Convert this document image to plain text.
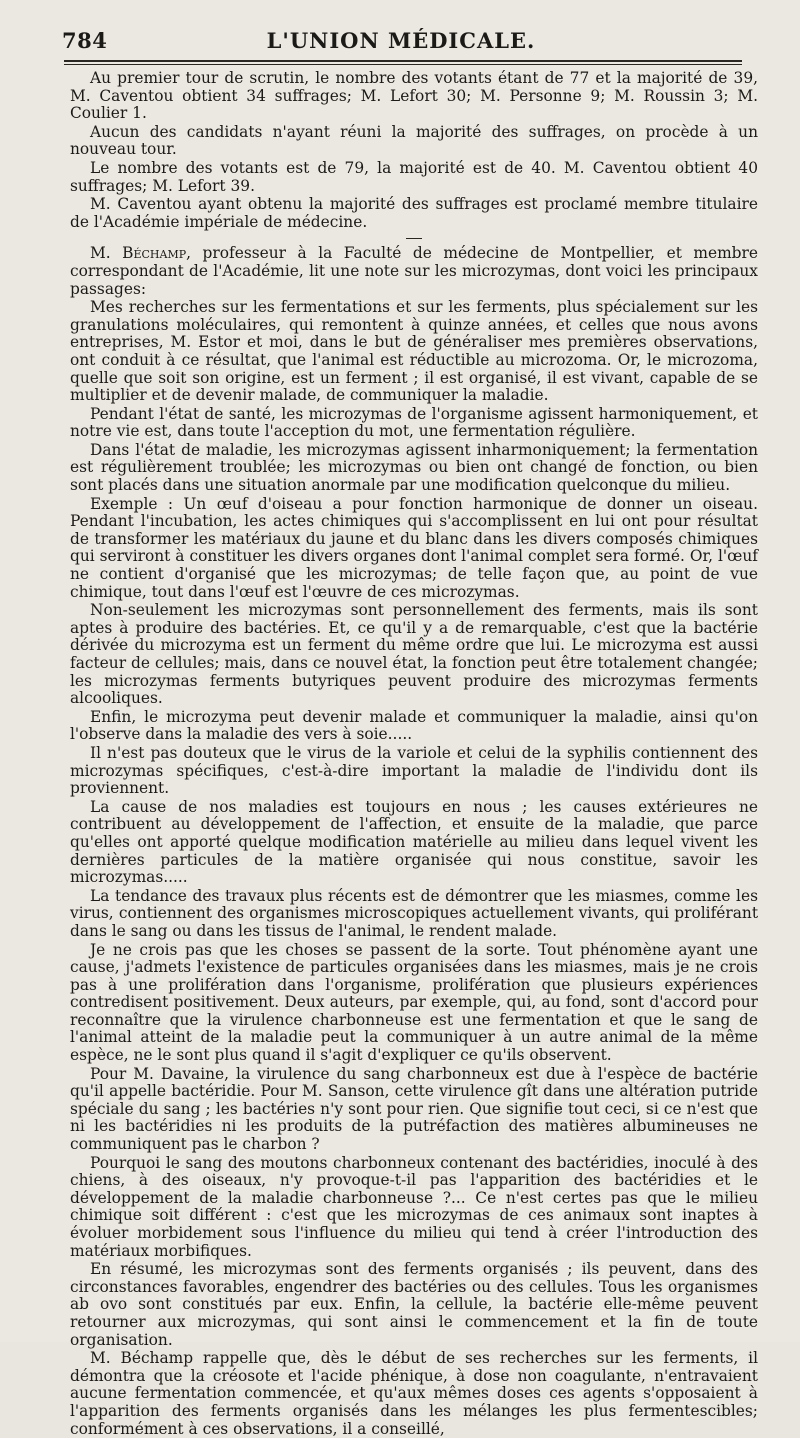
784	L'UNION MÉDICALE.

Au premier tour de scrutin, le nombre des votants étant de 77 et la majorité de 39, M. Caventou obtient 34 suffrages; M. Lefort 30; M. Personne 9; M. Roussin 3; M. Coulier 1.

Aucun des candidats n'ayant réuni la majorité des suffrages, on procède à un nouveau tour.

Le nombre des votants est de 79, la majorité est de 40. M. Caventou obtient 40 suffrages; M. Lefort 39.

M. Caventou ayant obtenu la majorité des suffrages est proclamé membre titulaire de l'Académie impériale de médecine.

M. Béchamp, professeur à la Faculté de médecine de Montpellier, et membre correspondant de l'Académie, lit une note sur les microzymas, dont voici les principaux passages:

Mes recherches sur les fermentations et sur les ferments, plus spécialement sur les granulations moléculaires, qui remontent à quinze années, et celles que nous avons entreprises, M. Estor et moi, dans le but de généraliser mes premières observations, ont conduit à ce résultat, que l'animal est réductible au microzoma. Or, le microzoma, quelle que soit son origine, est un ferment ; il est organisé, il est vivant, capable de se multiplier et de devenir malade, de communiquer la maladie.

Pendant l'état de santé, les microzymas de l'organisme agissent harmoniquement, et notre vie est, dans toute l'acception du mot, une fermentation régulière.

Dans l'état de maladie, les microzymas agissent inharmoniquement; la fermentation est régulièrement troublée; les microzymas ou bien ont changé de fonction, ou bien sont placés dans une situation anormale par une modification quelconque du milieu.

Exemple : Un œuf d'oiseau a pour fonction harmonique de donner un oiseau. Pendant l'incubation, les actes chimiques qui s'accomplissent en lui ont pour résultat de transformer les matériaux du jaune et du blanc dans les divers composés chimiques qui serviront à constituer les divers organes dont l'animal complet sera formé. Or, l'œuf ne contient d'organisé que les microzymas; de telle façon que, au point de vue chimique, tout dans l'œuf est l'œuvre de ces microzymas.

Non-seulement les microzymas sont personnellement des ferments, mais ils sont aptes à produire des bactéries. Et, ce qu'il y a de remarquable, c'est que la bactérie dérivée du microzyma est un ferment du même ordre que lui. Le microzyma est aussi facteur de cellules; mais, dans ce nouvel état, la fonction peut être totalement changée; les microzymas ferments butyriques peuvent produire des microzymas ferments alcooliques.

Enfin, le microzyma peut devenir malade et communiquer la maladie, ainsi qu'on l'observe dans la maladie des vers à soie.....

Il n'est pas douteux que le virus de la variole et celui de la syphilis contiennent des microzymas spécifiques, c'est-à-dire important la maladie de l'individu dont ils proviennent.

La cause de nos maladies est toujours en nous ; les causes extérieures ne contribuent au développement de l'affection, et ensuite de la maladie, que parce qu'elles ont apporté quelque modification matérielle au milieu dans lequel vivent les dernières particules de la matière organisée qui nous constitue, savoir les microzymas.....

La tendance des travaux plus récents est de démontrer que les miasmes, comme les virus, contiennent des organismes microscopiques actuellement vivants, qui proliférant dans le sang ou dans les tissus de l'animal, le rendent malade.

Je ne crois pas que les choses se passent de la sorte. Tout phénomène ayant une cause, j'admets l'existence de particules organisées dans les miasmes, mais je ne crois pas à une prolifération dans l'organisme, prolifération que plusieurs expériences contredisent positivement. Deux auteurs, par exemple, qui, au fond, sont d'accord pour reconnaître que la virulence charbonneuse est une fermentation et que le sang de l'animal atteint de la maladie peut la communiquer à un autre animal de la même espèce, ne le sont plus quand il s'agit d'expliquer ce qu'ils observent.

Pour M. Davaine, la virulence du sang charbonneux est due à l'espèce de bactérie qu'il appelle bactéridie. Pour M. Sanson, cette virulence gît dans une altération putride spéciale du sang ; les bactéries n'y sont pour rien. Que signifie tout ceci, si ce n'est que ni les bactéridies ni les produits de la putréfaction des matières albumineuses ne communiquent pas le charbon ?

Pourquoi le sang des moutons charbonneux contenant des bactéridies, inoculé à des chiens, à des oiseaux, n'y provoque-t-il pas l'apparition des bactéridies et le développement de la maladie charbonneuse ?... Ce n'est certes pas que le milieu chimique soit différent : c'est que les microzymas de ces animaux sont inaptes à évoluer morbidement sous l'influence du milieu qui tend à créer l'introduction des matériaux morbifiques.

En résumé, les microzymas sont des ferments organisés ; ils peuvent, dans des circonstances favorables, engendrer des bactéries ou des cellules. Tous les organismes ab ovo sont constitués par eux. Enfin, la cellule, la bactérie elle-même peuvent retourner aux microzymas, qui sont ainsi le commencement et la fin de toute organisation.

M. Béchamp rappelle que, dès le début de ses recherches sur les ferments, il démontra que la créosote et l'acide phénique, à dose non coagulante, n'entravaient aucune fermentation commencée, et qu'aux mêmes doses ces agents s'opposaient à l'apparition des ferments organisés dans les mélanges les plus fermentescibles; conformément à ces observations, il a conseillé,
